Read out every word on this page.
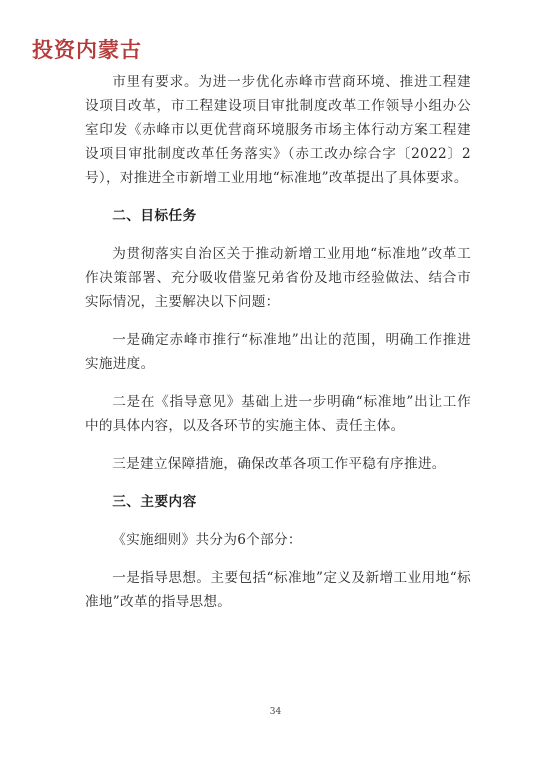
投资内蒙古

市里有要求。为进一步优化赤峰市营商环境、推进工程建设项目改革，市工程建设项目审批制度改革工作领导小组办公室印发《赤峰市以更优营商环境服务市场主体行动方案工程建设项目审批制度改革任务落实》（赤工改办综合字〔2022〕2号），对推进全市新增工业用地“标准地”改革提出了具体要求。

二、目标任务

为贯彻落实自治区关于推动新增工业用地“标准地”改革工作决策部署、充分吸收借鉴兄弟省份及地市经验做法、结合市实际情况，主要解决以下问题：

一是确定赤峰市推行“标准地”出让的范围，明确工作推进实施进度。

二是在《指导意见》基础上进一步明确“标准地”出让工作中的具体内容，以及各环节的实施主体、责任主体。

三是建立保障措施，确保改革各项工作平稳有序推进。

三、主要内容

《实施细则》共分为6个部分：

一是指导思想。主要包括“标准地”定义及新增工业用地“标准地”改革的指导思想。

34
